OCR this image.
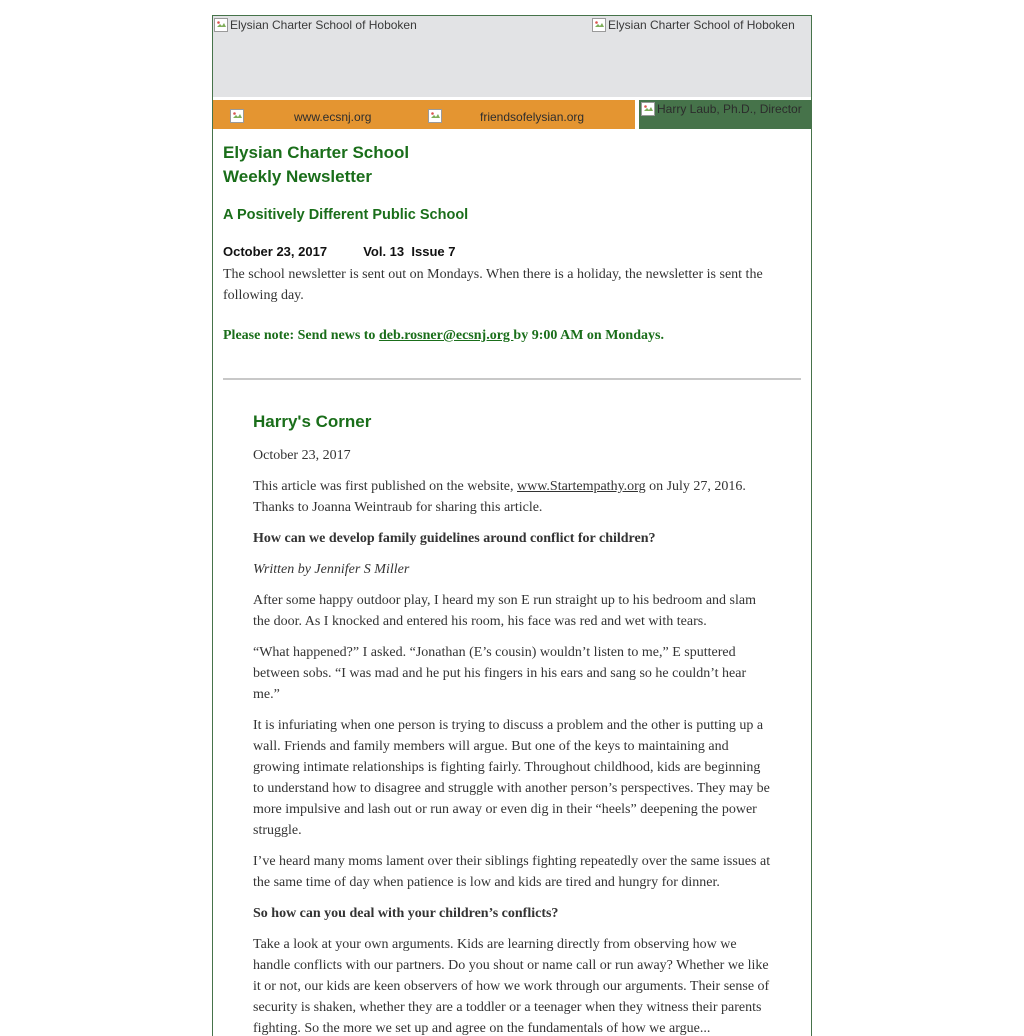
Elysian Charter School of Hoboken	Elysian Charter School of Hoboken
www.ecsnj.org	friendsofelysian.org
Harry Laub, Ph.D., Director
Elysian Charter School
Weekly Newsletter
A Positively Different Public School
October 23, 2017	Vol. 13 Issue 7
The school newsletter is sent out on Mondays. When there is a holiday, the newsletter is sent the following day.
Please note: Send news to deb.rosner@ecsnj.org by 9:00 AM on Mondays.
Harry's Corner

October 23, 2017

This article was first published on the website, www.Startempathy.org on July 27, 2016. Thanks to Joanna Weintraub for sharing this article.

How can we develop family guidelines around conflict for children?

Written by Jennifer S Miller

After some happy outdoor play, I heard my son E run straight up to his bedroom and slam the door. As I knocked and entered his room, his face was red and wet with tears.

“What happened?” I asked. “Jonathan (E’s cousin) wouldn’t listen to me,” E sputtered between sobs. “I was mad and he put his fingers in his ears and sang so he couldn’t hear me.”

It is infuriating when one person is trying to discuss a problem and the other is putting up a wall. Friends and family members will argue. But one of the keys to maintaining and growing intimate relationships is fighting fairly. Throughout childhood, kids are beginning to understand how to disagree and struggle with another person’s perspectives. They may be more impulsive and lash out or run away or even dig in their “heels” deepening the power struggle.

I’ve heard many moms lament over their siblings fighting repeatedly over the same issues at the same time of day when patience is low and kids are tired and hungry for dinner.

So how can you deal with your children’s conflicts?

Take a look at your own arguments. Kids are learning directly from observing how we handle conflicts with our partners. Do you shout or name call or run away? Whether we like it or not, our kids are keen observers of how we work through our arguments. Their sense of security is shaken, whether they are a toddler or a teenager when they witness their parents fighting. So the more we set up and agree on the fundamentals of how we argue...
